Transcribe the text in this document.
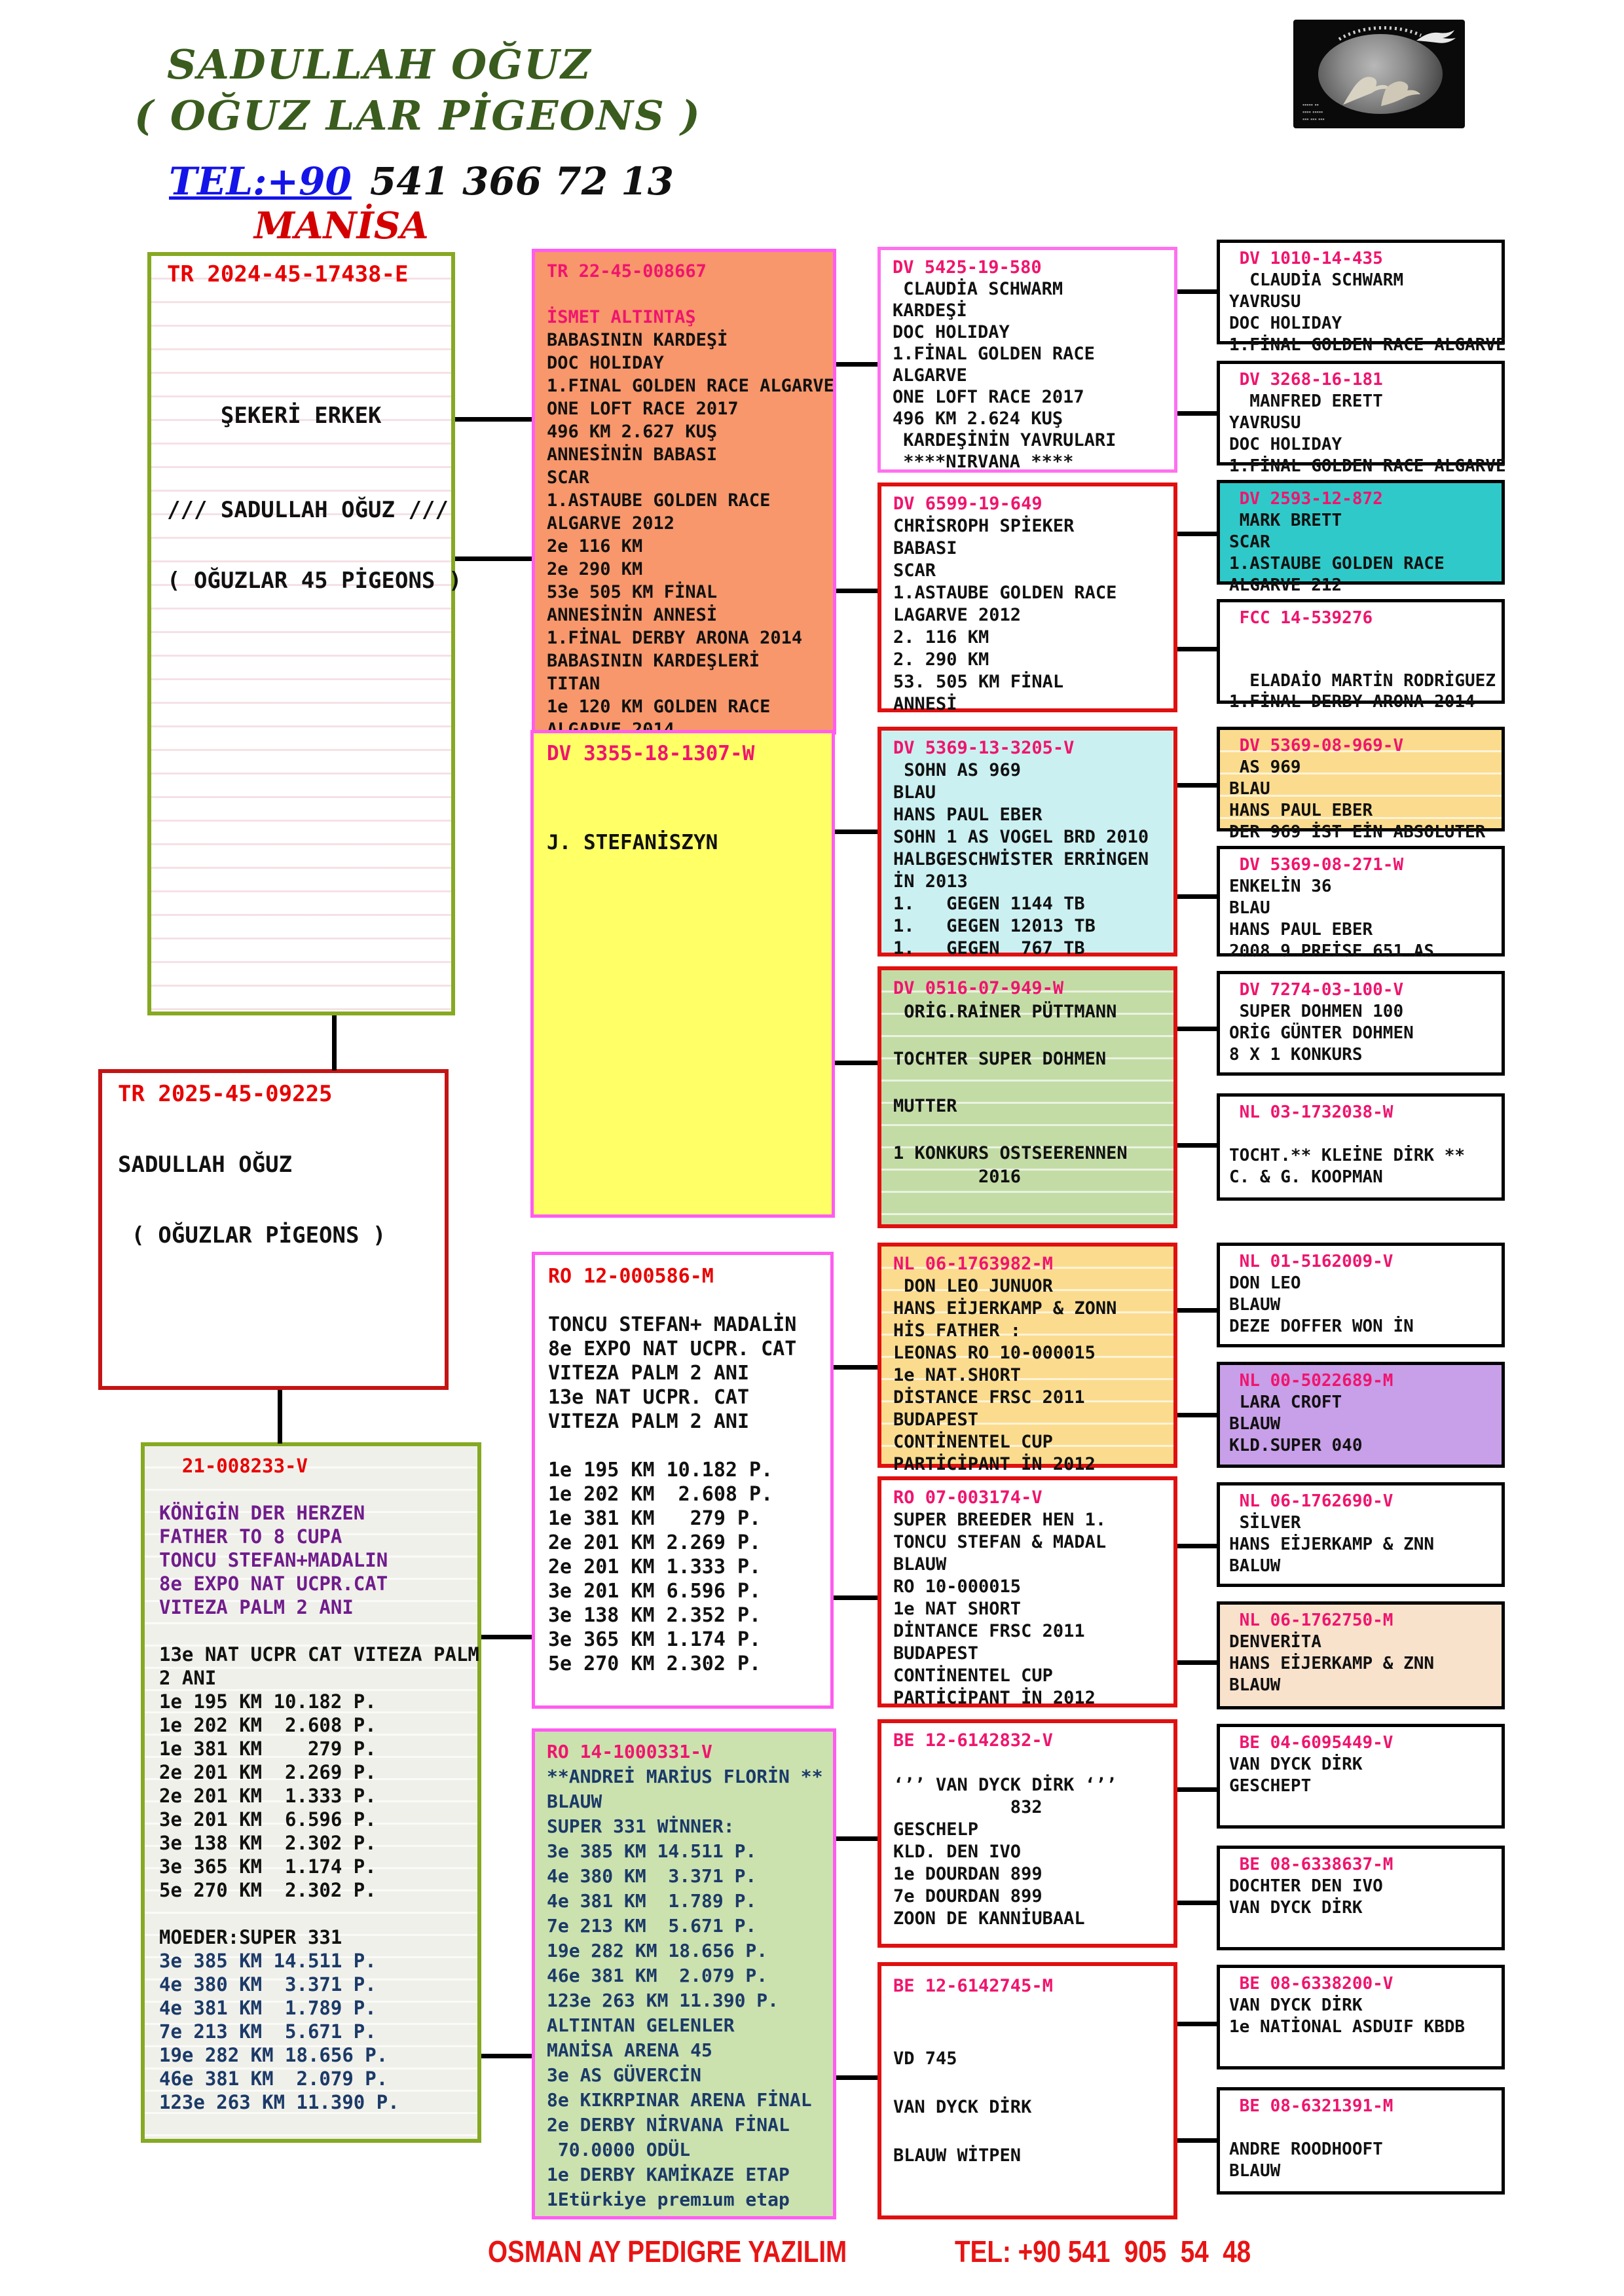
SADULLAH OĞUZ
( OĞUZ LAR PİGEONS )
TEL:+90 541 366 72 13
MANİSA
▪▪▪▪▪ ▪▪
▪▪▪▪ ▪▪▪▪▪
▪▪▪ ▪▪▪ ▪▪▪
TR 2024-45-17438-E

ŞEKERİ ERKEK

/// SADULLAH OĞUZ ///

( OĞUZLAR 45 PİGEONS )
TR 2025-45-09225

SADULLAH OĞUZ

( OĞUZLAR PİGEONS )
21-008233-V

KÖNİGİN DER HERZEN
FATHER TO 8 CUPA
TONCU STEFAN+MADALIN
8e EXPO NAT UCPR.CAT
VITEZA PALM 2 ANI

13e NAT UCPR CAT VITEZA PALM
2 ANI
1e 195 KM 10.182 P.
1e 202 KM  2.608 P.
1e 381 KM    279 P.
2e 201 KM  2.269 P.
2e 201 KM  1.333 P.
3e 201 KM  6.596 P.
3e 138 KM  2.302 P.
3e 365 KM  1.174 P.
5e 270 KM  2.302 P.

MOEDER:SUPER 331
3e 385 KM 14.511 P.
4e 380 KM  3.371 P.
4e 381 KM  1.789 P.
7e 213 KM  5.671 P.
19e 282 KM 18.656 P.
46e 381 KM  2.079 P.
123e 263 KM 11.390 P.
TR 22-45-008667

İSMET ALTINTAŞ
BABASININ KARDEŞİ
DOC HOLIDAY
1.FINAL GOLDEN RACE ALGARVE
ONE LOFT RACE 2017
496 KM 2.627 KUŞ
ANNESİNİN BABASI
SCAR
1.ASTAUBE GOLDEN RACE
ALGARVE 2012
2e 116 KM
2e 290 KM
53e 505 KM FİNAL
ANNESİNİN ANNESİ
1.FİNAL DERBY ARONA 2014
BABASININ KARDEŞLERİ
TITAN
1e 120 KM GOLDEN RACE
DV 3355-18-1307-W

J. STEFANİSZYN
RO 12-000586-M

TONCU STEFAN+ MADALİN
8e EXPO NAT UCPR. CAT
VITEZA PALM 2 ANI
13e NAT UCPR. CAT
VITEZA PALM 2 ANI

1e 195 KM 10.182 P.
1e 202 KM  2.608 P.
1e 381 KM   279 P.
2e 201 KM 2.269 P.
2e 201 KM 1.333 P.
3e 201 KM 6.596 P.
3e 138 KM 2.352 P.
3e 365 KM 1.174 P.
5e 270 KM 2.302 P.
RO 14-1000331-V
**ANDREİ MARİUS FLORİN **
BLAUW
SUPER 331 WİNNER:
3e 385 KM 14.511 P.
4e 380 KM  3.371 P.
4e 381 KM  1.789 P.
7e 213 KM  5.671 P.
19e 282 KM 18.656 P.
46e 381 KM  2.079 P.
123e 263 KM 11.390 P.
ALTINTAN GELENLER
MANİSA ARENA 45
3e AS GÜVERCİN
8e KIKRPINAR ARENA FİNAL
2e DERBY NİRVANA FİNAL
70.0000 ODÜL
1e DERBY KAMİKAZE ETAP
1Etürkiye premıum etap
DV 5425-19-580
CLAUDİA SCHWARM
KARDEŞİ
DOC HOLIDAY
1.FİNAL GOLDEN RACE
ALGARVE
ONE LOFT RACE 2017
496 KM 2.624 KUŞ
KARDEŞİNİN YAVRULARI
****NIRVANA ****
DV 6599-19-649
CHRİSROPH SPİEKER
BABASI
SCAR
1.ASTAUBE GOLDEN RACE
LAGARVE 2012
2. 116 KM
2. 290 KM
53. 505 KM FİNAL
ANNESİ
DV 5369-13-3205-V
SOHN AS 969
BLAU
HANS PAUL EBER
SOHN 1 AS VOGEL BRD 2010
HALBGESCHWİSTER ERRİNGEN
İN 2013
1.   GEGEN 1144 TB
1.   GEGEN 12013 TB
1.   GEGEN  767 TB
DV 0516-07-949-W
ORİG.RAİNER PÜTTMANN

TOCHTER SUPER DOHMEN

MUTTER

1 KONKURS OSTSEERENNEN
2016
NL 06-1763982-M
DON LEO JUNUOR
HANS EİJERKAMP & ZONN
HİS FATHER :
LEONAS RO 10-000015
1e NAT.SHORT
DİSTANCE FRSC 2011
BUDAPEST
CONTİNENTEL CUP
PARTİCİPANT İN 2012
RO 07-003174-V
SUPER BREEDER HEN 1.
TONCU STEFAN & MADAL
BLAUW
RO 10-000015
1e NAT SHORT
DİNTANCE FRSC 2011
BUDAPEST
CONTİNENTEL CUP
PARTİCİPANT İN 2012
BE 12-6142832-V

‘’’ VAN DYCK DİRK ‘’’
832
GESCHELP
KLD. DEN IVO
1e DOURDAN 899
7e DOURDAN 899
ZOON DE KANNİUBAAL
BE 12-6142745-M

VD 745

VAN DYCK DİRK

BLAUW WİTPEN
DV 1010-14-435
CLAUDİA SCHWARM
YAVRUSU
DOC HOLIDAY
1.FİNAL GOLDEN RACE ALGARVE
DV 3268-16-181
MANFRED ERETT
YAVRUSU
DOC HOLIDAY
1.FİNAL GOLDEN RACE ALGARVE
DV 2593-12-872
MARK BRETT
SCAR
1.ASTAUBE GOLDEN RACE
ALGARVE 212
FCC 14-539276

ELADAİO MARTİN RODRİGUEZ
1.FİNAL DERBY ARONA 2014
DV 5369-08-969-V
AS 969
BLAU
HANS PAUL EBER
DER 969 İST EİN ABSOLUTER
DV 5369-08-271-W
ENKELİN 36
BLAU
HANS PAUL EBER
2008 9 PREİSE 651 AS
DV 7274-03-100-V
SUPER DOHMEN 100
ORİG GÜNTER DOHMEN
8 X 1 KONKURS
NL 03-1732038-W

TOCHT.** KLEİNE DİRK **
C. & G. KOOPMAN
NL 01-5162009-V
DON LEO
BLAUW
DEZE DOFFER WON İN
NL 00-5022689-M
LARA CROFT
BLAUW
KLD.SUPER 040
NL 06-1762690-V
SİLVER
HANS EİJERKAMP & ZNN
BALUW
NL 06-1762750-M
DENVERİTA
HANS EİJERKAMP & ZNN
BLAUW
BE 04-6095449-V
VAN DYCK DİRK
GESCHEPT
BE 08-6338637-M
DOCHTER DEN IVO
VAN DYCK DİRK
BE 08-6338200-V
VAN DYCK DİRK
1e NATİONAL ASDUIF KBDB
BE 08-6321391-M

ANDRE ROODHOOFT
BLAUW
OSMAN AY PEDIGRE YAZILIM	TEL: +90 541  905  54  48
